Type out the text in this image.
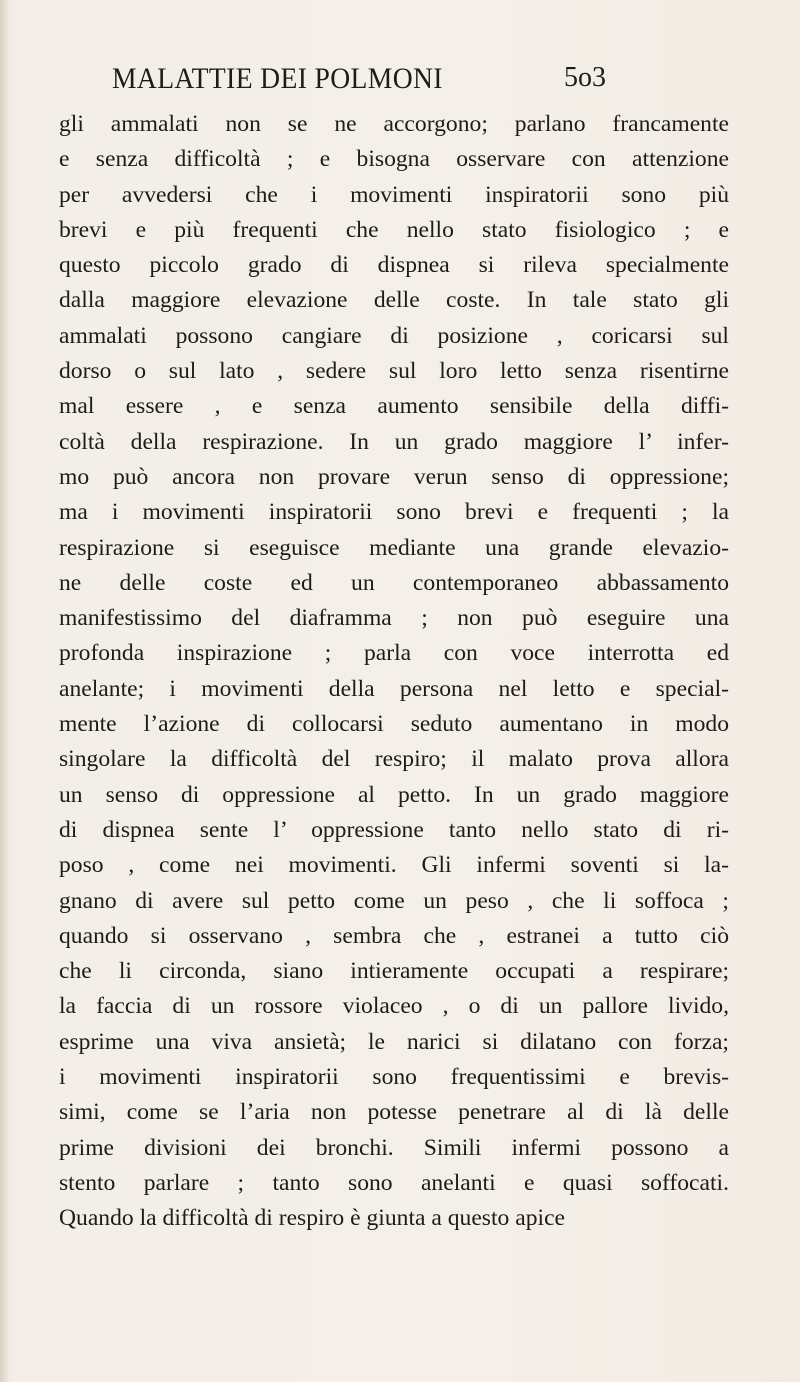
MALATTIE DEI POLMONI	5o3
gli ammalati non se ne accorgono; parlano francamente
e senza difficoltà ; e bisogna osservare con attenzione
per avvedersi che i movimenti inspiratorii sono più
brevi e più frequenti che nello stato fisiologico ; e
questo piccolo grado di dispnea si rileva specialmente
dalla maggiore elevazione delle coste. In tale stato gli
ammalati possono cangiare di posizione , coricarsi sul
dorso o sul lato , sedere sul loro letto senza risentirne
mal essere , e senza aumento sensibile della diffi-
coltà della respirazione. In un grado maggiore l’ infer-
mo può ancora non provare verun senso di oppressione;
ma i movimenti inspiratorii sono brevi e frequenti ; la
respirazione si eseguisce mediante una grande elevazio-
ne delle coste ed un contemporaneo abbassamento
manifestissimo del diaframma ; non può eseguire una
profonda inspirazione ; parla con voce interrotta ed
anelante; i movimenti della persona nel letto e special-
mente l’azione di collocarsi seduto aumentano in modo
singolare la difficoltà del respiro; il malato prova allora
un senso di oppressione al petto. In un grado maggiore
di dispnea sente l’ oppressione tanto nello stato di ri-
poso , come nei movimenti. Gli infermi soventi si la-
gnano di avere sul petto come un peso , che li soffoca ;
quando si osservano , sembra che , estranei a tutto ciò
che li circonda, siano intieramente occupati a respirare;
la faccia di un rossore violaceo , o di un pallore livido,
esprime una viva ansietà; le narici si dilatano con forza;
i movimenti inspiratorii sono frequentissimi e brevis-
simi, come se l’aria non potesse penetrare al di là delle
prime divisioni dei bronchi. Simili infermi possono a
stento parlare ; tanto sono anelanti e quasi soffocati.
Quando la difficoltà di respiro è giunta a questo apice
